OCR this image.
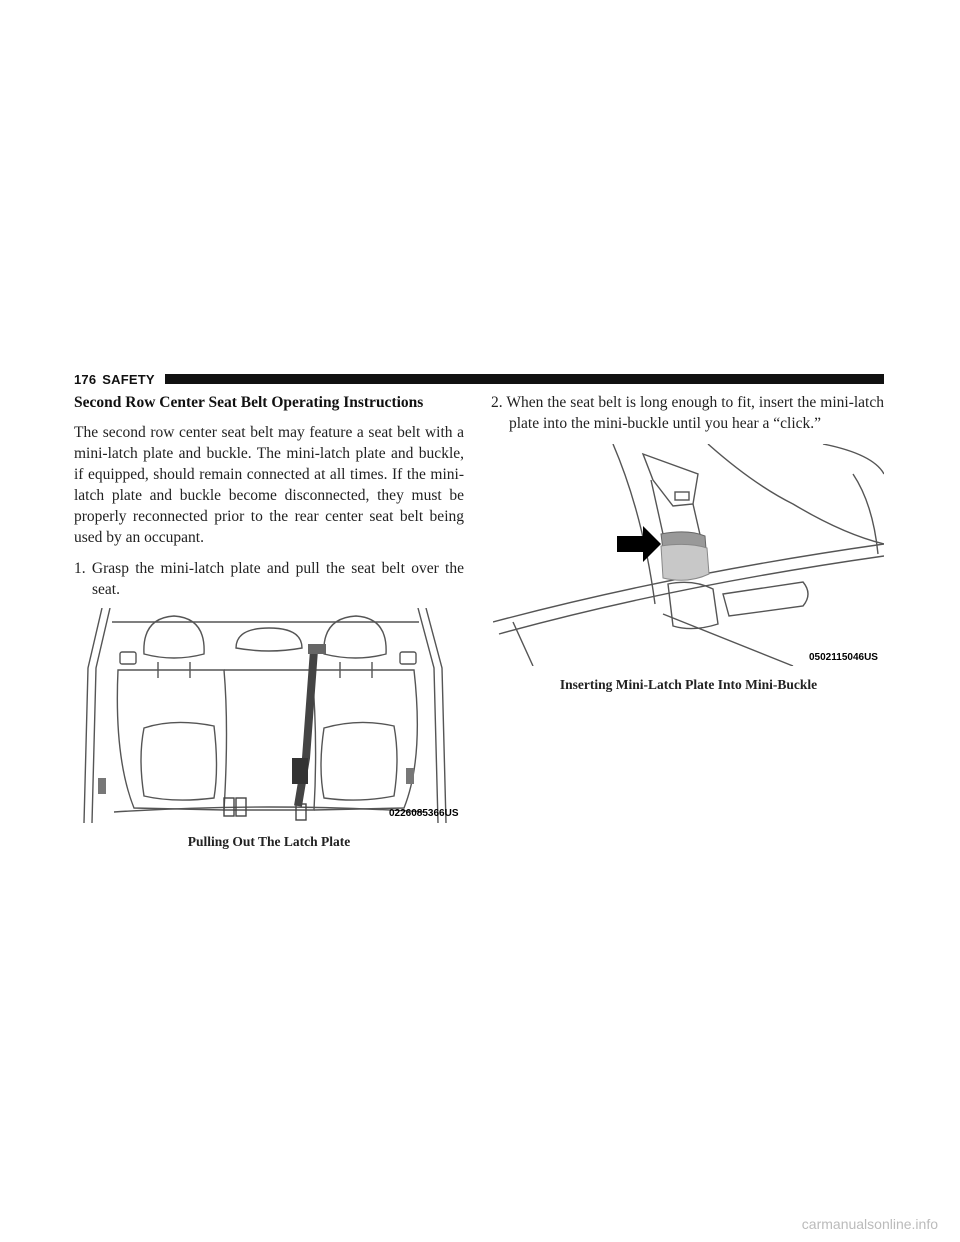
176 SAFETY
Second Row Center Seat Belt Operating Instructions

The second row center seat belt may feature a seat belt with a mini-latch plate and buckle. The mini-latch plate and buckle, if equipped, should remain connected at all times. If the mini-latch plate and buckle become disconnected, they must be properly reconnected prior to the rear center seat belt being used by an occupant.

1. Grasp the mini-latch plate and pull the seat belt over the seat.

0226085366US
Pulling Out The Latch Plate

2. When the seat belt is long enough to fit, insert the mini-latch plate into the mini-buckle until you hear a “click.”

0502115046US
Inserting Mini-Latch Plate Into Mini-Buckle
carmanualsonline.info
